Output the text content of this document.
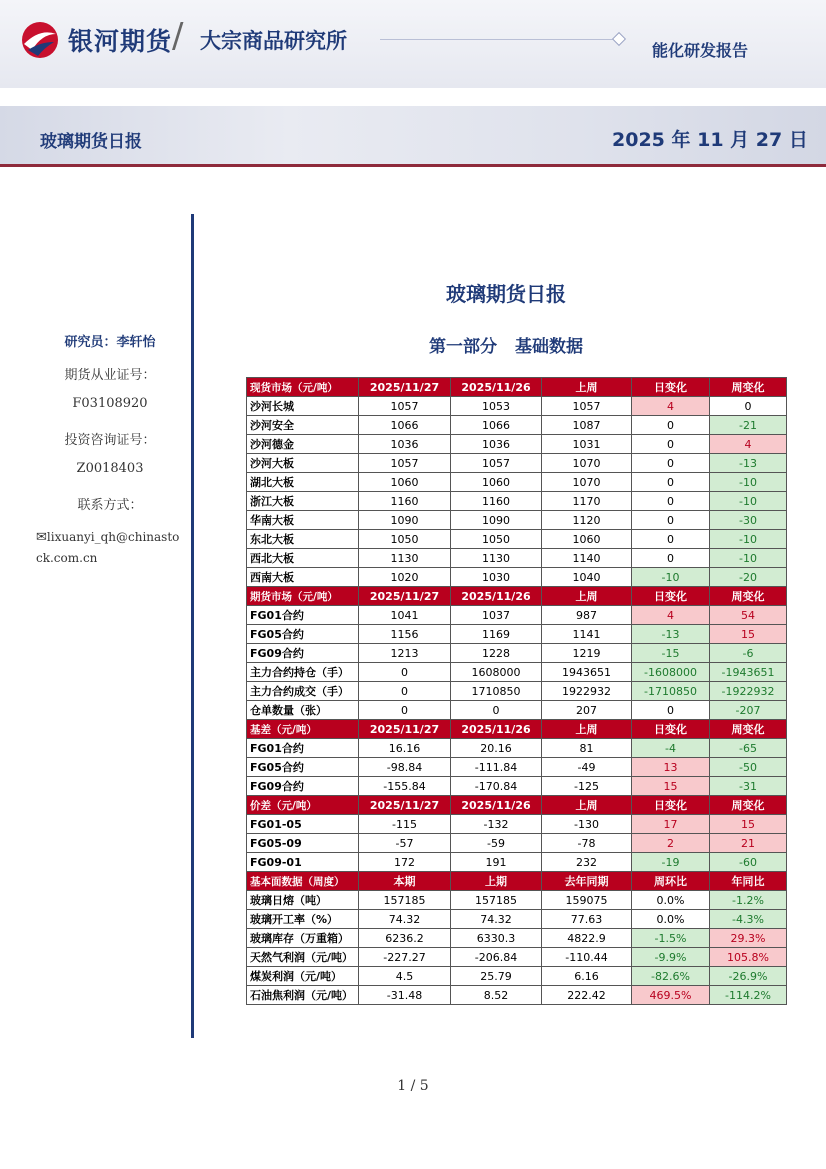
银河期货 / 大宗商品研究所	能化研发报告
玻璃期货日报	2025 年 11 月 27 日
研究员：李轩怡
期货从业证号：
F03108920
投资咨询证号：
Z0018403
联系方式：
✉lixuanyi_qh@chinastock.com.cn
玻璃期货日报
第一部分 基础数据
现货市场（元/吨）	2025/11/27	2025/11/26	上周	日变化	周变化
沙河长城	1057	1053	1057	4	0
沙河安全	1066	1066	1087	0	-21
沙河德金	1036	1036	1031	0	4
沙河大板	1057	1057	1070	0	-13
湖北大板	1060	1060	1070	0	-10
浙江大板	1160	1160	1170	0	-10
华南大板	1090	1090	1120	0	-30
东北大板	1050	1050	1060	0	-10
西北大板	1130	1130	1140	0	-10
西南大板	1020	1030	1040	-10	-20
期货市场（元/吨）	2025/11/27	2025/11/26	上周	日变化	周变化
FG01合约	1041	1037	987	4	54
FG05合约	1156	1169	1141	-13	15
FG09合约	1213	1228	1219	-15	-6
主力合约持仓（手）	0	1608000	1943651	-1608000	-1943651
主力合约成交（手）	0	1710850	1922932	-1710850	-1922932
仓单数量（张）	0	0	207	0	-207
基差（元/吨）	2025/11/27	2025/11/26	上周	日变化	周变化
FG01合约	16.16	20.16	81	-4	-65
FG05合约	-98.84	-111.84	-49	13	-50
FG09合约	-155.84	-170.84	-125	15	-31
价差（元/吨）	2025/11/27	2025/11/26	上周	日变化	周变化
FG01-05	-115	-132	-130	17	15
FG05-09	-57	-59	-78	2	21
FG09-01	172	191	232	-19	-60
基本面数据（周度）	本期	上期	去年同期	周环比	年同比
玻璃日熔（吨）	157185	157185	159075	0.0%	-1.2%
玻璃开工率（%）	74.32	74.32	77.63	0.0%	-4.3%
玻璃库存（万重箱）	6236.2	6330.3	4822.9	-1.5%	29.3%
天然气利润（元/吨）	-227.27	-206.84	-110.44	-9.9%	105.8%
煤炭利润（元/吨）	4.5	25.79	6.16	-82.6%	-26.9%
石油焦利润（元/吨）	-31.48	8.52	222.42	469.5%	-114.2%
1 / 5
